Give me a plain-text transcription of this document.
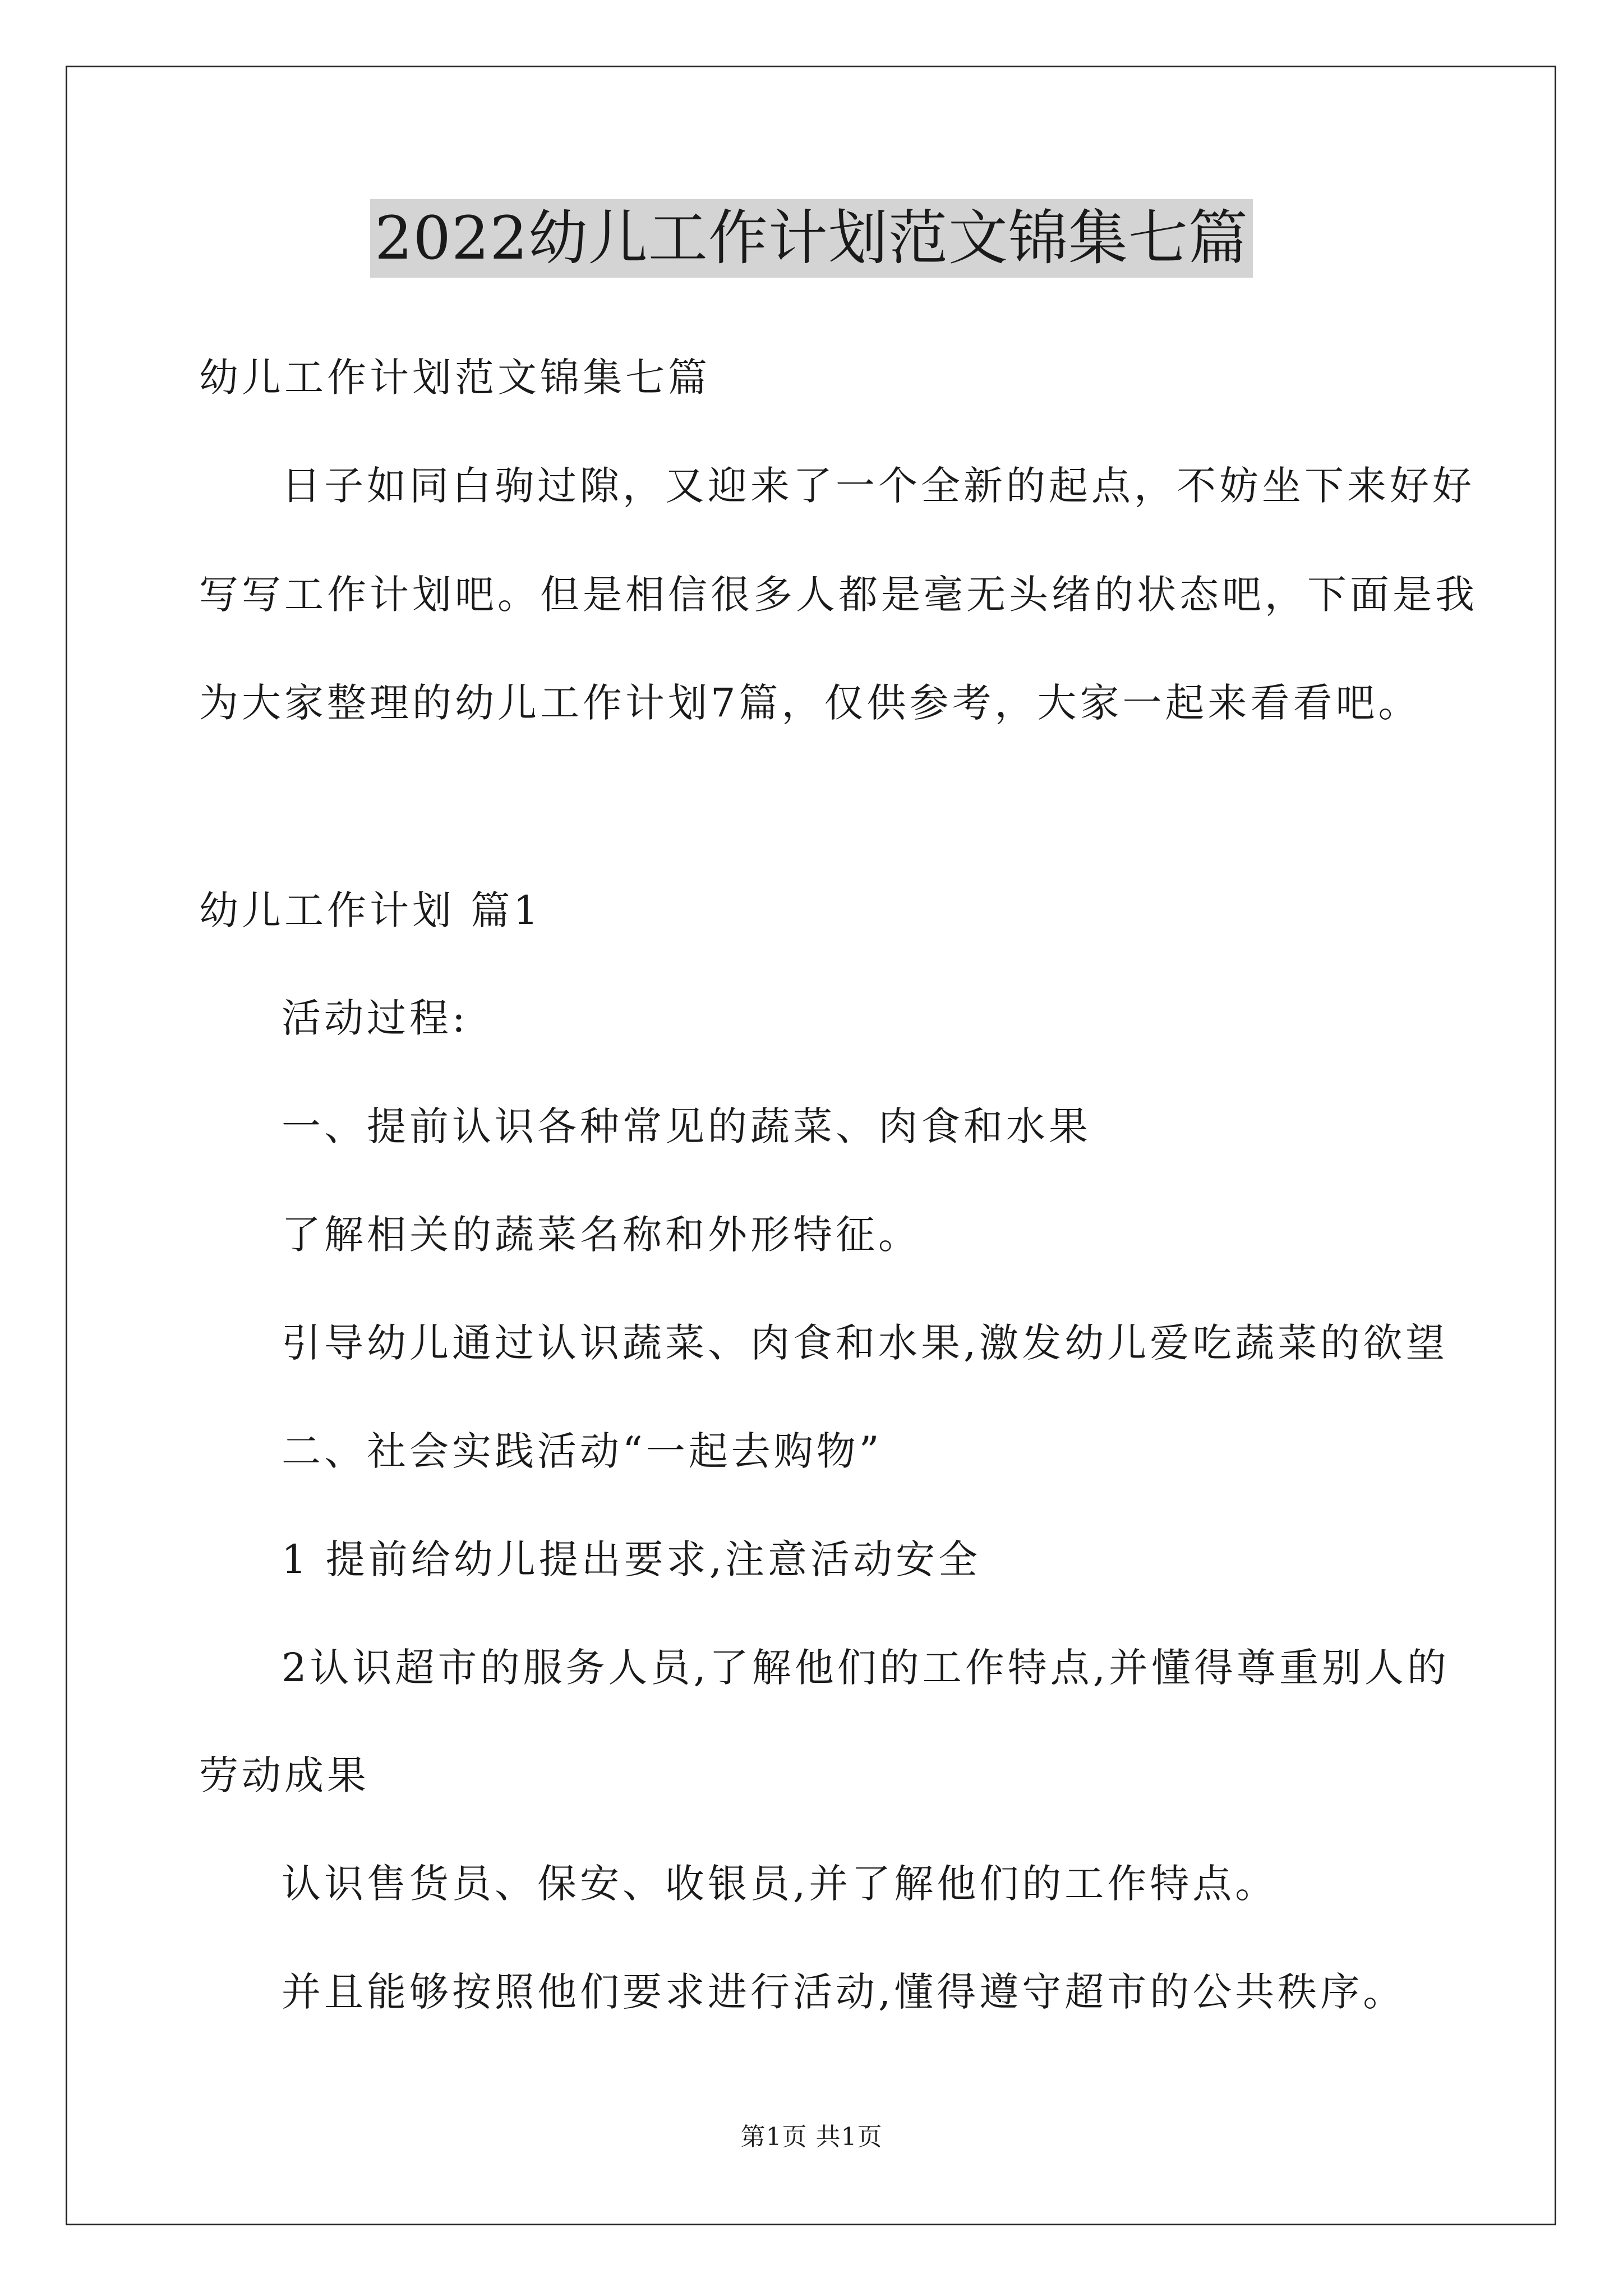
2022幼儿工作计划范文锦集七篇
幼儿工作计划范文锦集七篇
日子如同白驹过隙，又迎来了一个全新的起点，不妨坐下来好好
写写工作计划吧。但是相信很多人都是毫无头绪的状态吧，下面是我
为大家整理的幼儿工作计划7篇，仅供参考，大家一起来看看吧。
幼儿工作计划 篇1
活动过程:
一、提前认识各种常见的蔬菜、肉食和水果
了解相关的蔬菜名称和外形特征。
引导幼儿通过认识蔬菜、肉食和水果,激发幼儿爱吃蔬菜的欲望
二、社会实践活动“一起去购物”
1 提前给幼儿提出要求,注意活动安全
2认识超市的服务人员,了解他们的工作特点,并懂得尊重别人的
劳动成果
认识售货员、保安、收银员,并了解他们的工作特点。
并且能够按照他们要求进行活动,懂得遵守超市的公共秩序。
第1页 共1页
